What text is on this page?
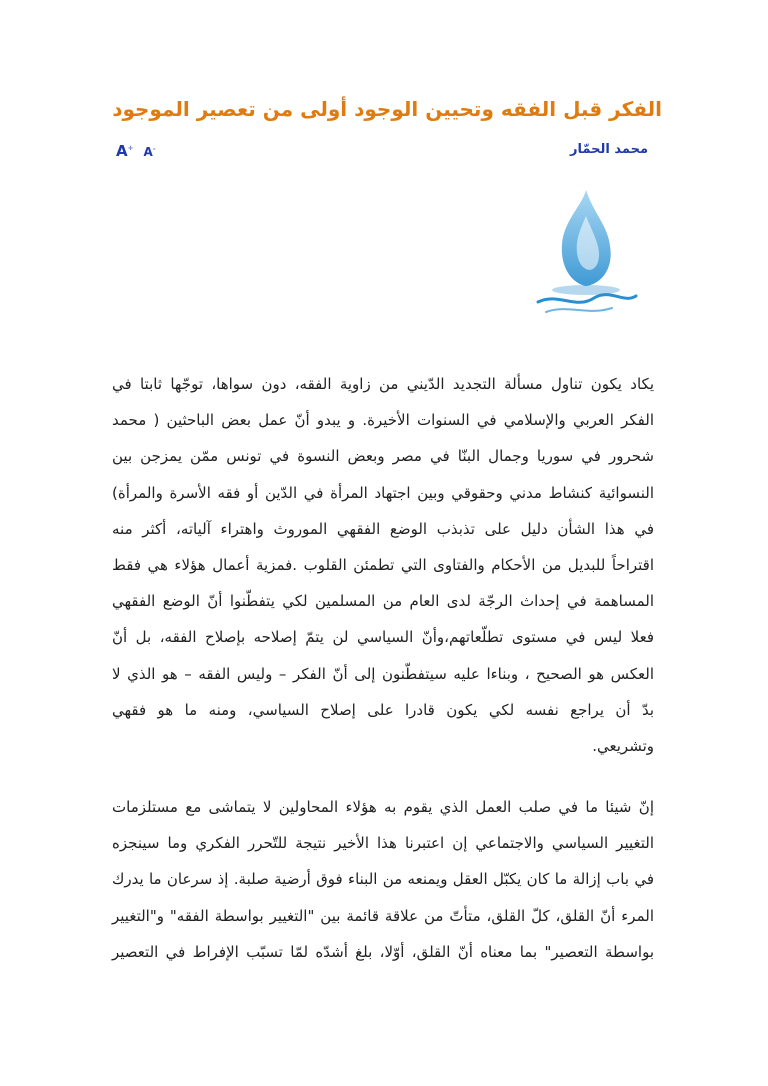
الفكر قبل الفقه وتحيين الوجود أولى من تعصير الموجود
محمد الحمّار
A+ A-

يكاد يكون تناول مسألة التجديد الدّيني من زاوية الفقه، دون سواها، توجّها ثابتا في
الفكر العربي والإسلامي في السنوات الأخيرة. و يبدو أنّ عمل بعض الباحثين ( محمد
شحرور في سوريا وجمال البنّا في مصر وبعض النسوة في تونس ممّن يمزجن بين
النسوائية كنشاط مدني وحقوقي وبين اجتهاد المرأة في الدّين أو فقه الأسرة والمرأة)
في هذا الشأن دليل على تذبذب الوضع الفقهي الموروث واهتراء آلياته، أكثر منه
اقتراحاً للبديل من الأحكام والفتاوى التي تطمئن القلوب .فمزية أعمال هؤلاء هي فقط
المساهمة في إحداث الرجّة لدى العام من المسلمين لكي يتفطّنوا أنّ الوضع الفقهي
فعلا ليس في مستوى تطلّعاتهم،وأنّ السياسي لن يتمّ إصلاحه بإصلاح الفقه، بل أنّ
العكس هو الصحيح ، وبناءا عليه سيتفطّنون إلى أنّ الفكر – وليس الفقه – هو الذي لا
بدّ أن يراجع نفسه لكي يكون قادرا على إصلاح السياسي، ومنه ما هو فقهي
وتشريعي.

إنّ شيئا ما في صلب العمل الذي يقوم به هؤلاء المحاولين لا يتماشى مع مستلزمات
التغيير السياسي والاجتماعي إن اعتبرنا هذا الأخير نتيجة للتّحرر الفكري وما سينجزه
في باب إزالة ما كان يكبّل العقل ويمنعه من البناء فوق أرضية صلبة. إذ سرعان ما يدرك
المرء أنّ القلق، كلّ القلق، متأتّ من علاقة قائمة بين "التغيير بواسطة الفقه" و"التغيير
بواسطة التعصير" بما معناه أنّ القلق، أوّلا، بلغ أشدّه لمّا تسبّب الإفراط في التعصير
